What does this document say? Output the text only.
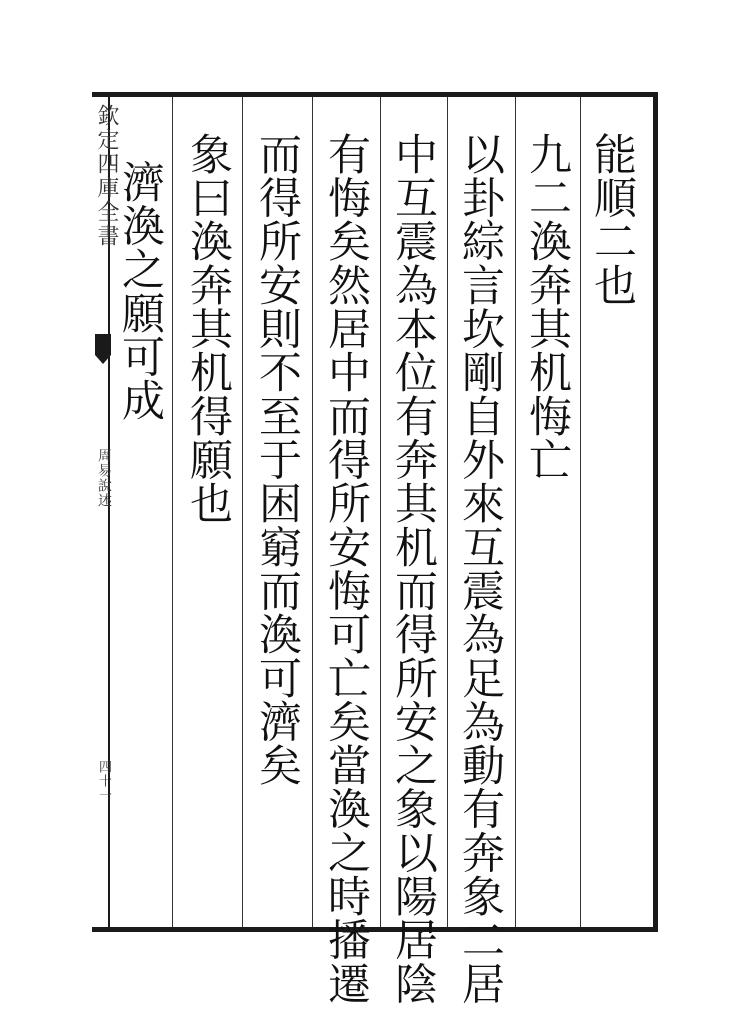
欽定四庫全書
周易說述
四十一
能順二也
九二渙奔其机悔亡
以卦綜言坎剛自外來互震為足為動有奔象二居
中互震為本位有奔其机而得所安之象以陽居陰
有悔矣然居中而得所安悔可亡矣當渙之時播遷
而得所安則不至于困窮而渙可濟矣
象曰渙奔其机得願也
濟渙之願可成
